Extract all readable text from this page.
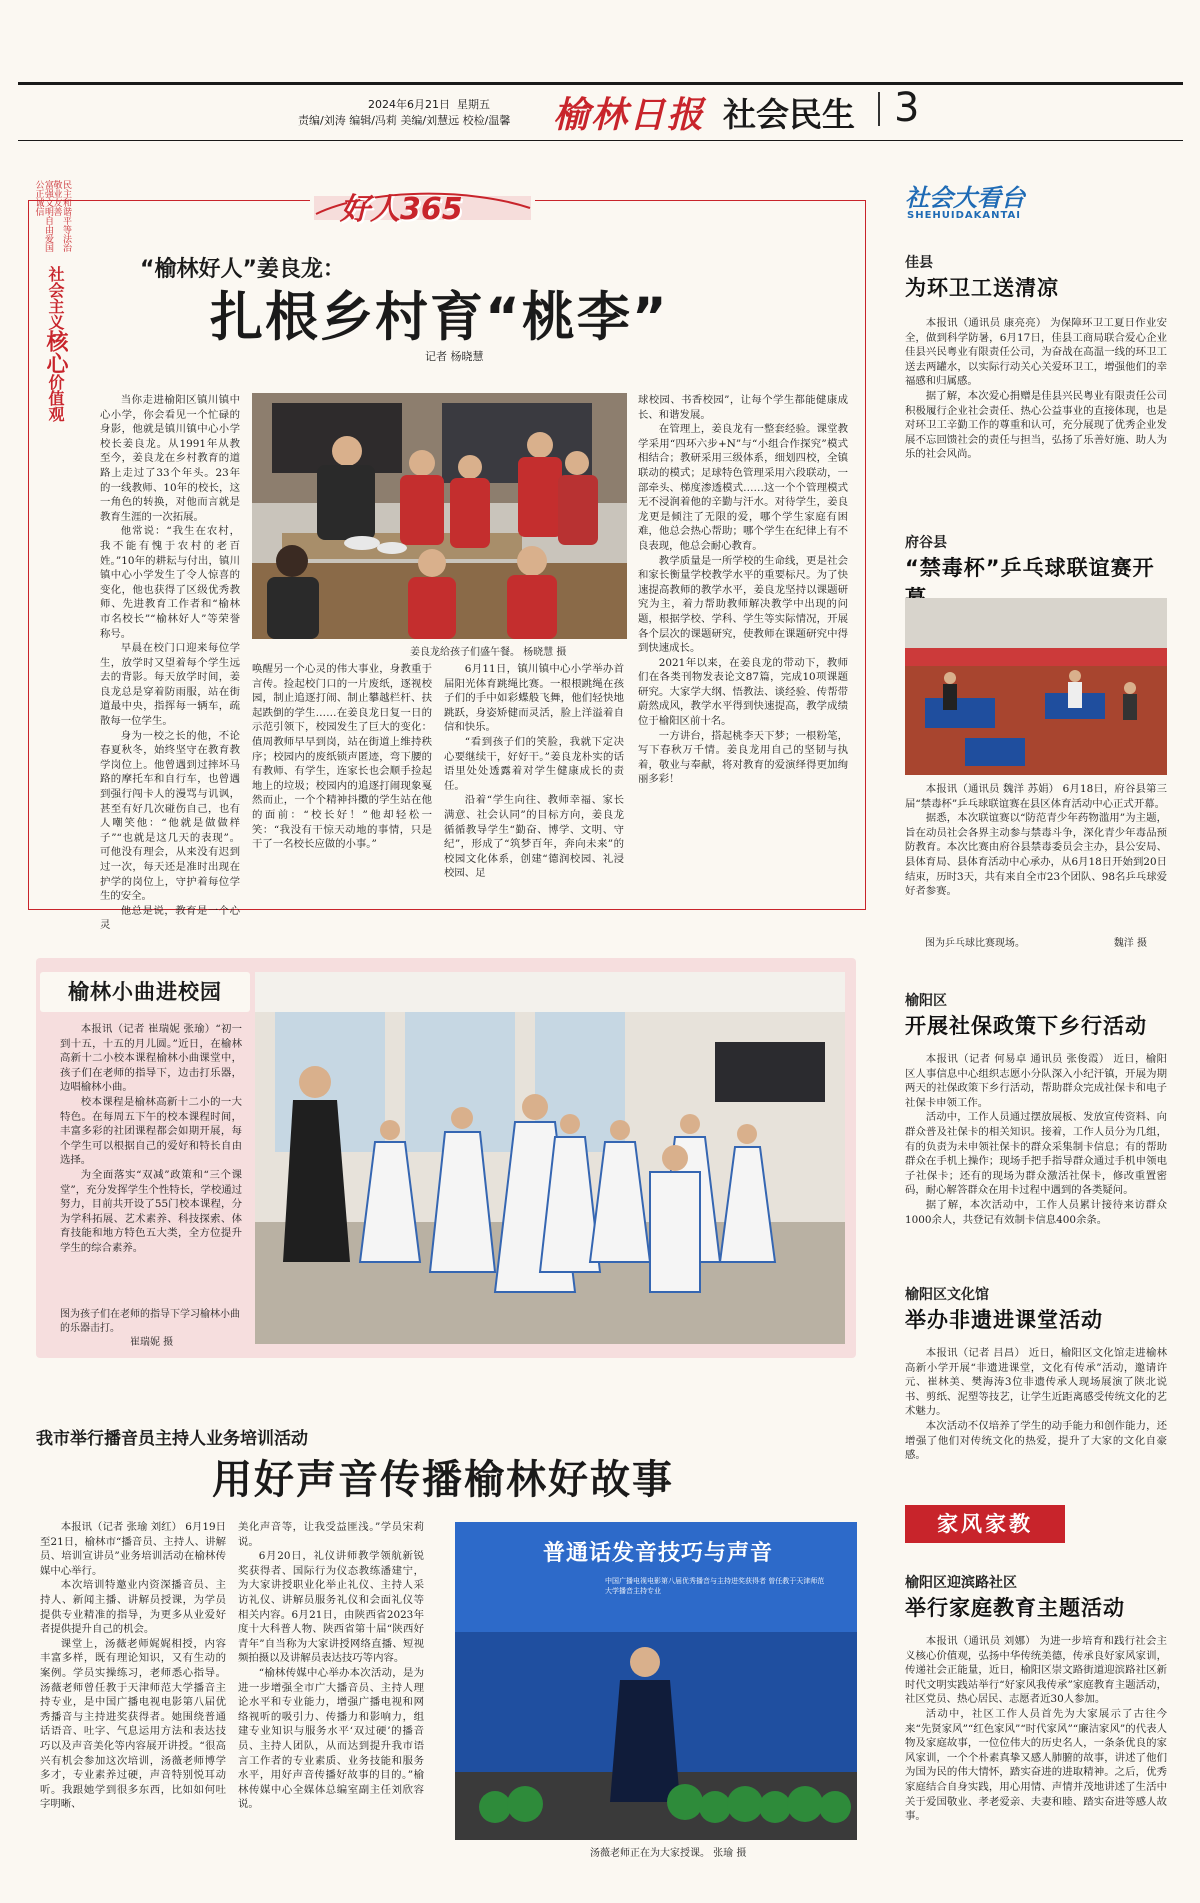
2024年6月21日 星期五
责编/刘涛 编辑/冯莉 美编/刘慧远 校检/温馨 榆林日报 社会民生 3
富强文明自由爱国公正诚信
民主和谐平等法治敬业友善
社会主义核心价值观
好人365
“榆林好人”姜良龙：
扎根乡村育“桃李”
记者 杨晓慧

当你走进榆阳区镇川镇中心小学，你会看见一个忙碌的身影，他就是镇川镇中心小学校长姜良龙。从1991年从教至今，姜良龙在乡村教育的道路上走过了33个年头。23年的一线教师、10年的校长，这一角色的转换，对他而言就是教育生涯的一次拓展。

他常说：“我生在农村，我不能有愧于农村的老百姓。”10年的耕耘与付出，镇川镇中心小学发生了令人惊喜的变化，他也获得了区级优秀教师、先进教育工作者和“榆林市名校长”“榆林好人”等荣誉称号。

早晨在校门口迎来每位学生，放学时又望着每个学生远去的背影。每天放学时间，姜良龙总是穿着防雨服，站在街道最中央，指挥每一辆车，疏散每一位学生。

身为一校之长的他，不论春夏秋冬，始终坚守在教育教学岗位上。他曾遇到过摔坏马路的摩托车和自行车，也曾遇到强行闯卡人的漫骂与讥讽，甚至有好几次碰伤自己，也有人嘲笑他：“他就是做做样子”“也就是这几天的表现”。可他没有理会，从来没有迟到过一次，每天还是准时出现在护学的岗位上，守护着每位学生的安全。

他总是说，教育是一个心灵

姜良龙给孩子们盛午餐。 杨晓慧 摄

唤醒另一个心灵的伟大事业，身教重于言传。捡起校门口的一片废纸，逐视校园，制止追逐打闹、制止攀越栏杆、扶起跌倒的学生……在姜良龙日复一日的示范引领下，校园发生了巨大的变化：值周教师早早到岗，站在街道上维持秩序；校园内的废纸锁声匿迹，弯下腰的有教师、有学生，连家长也会顺手捡起地上的垃圾；校园内的追逐打闹现象戛然而止，一个个精神抖擞的学生站在他的面前：“校长好！”他却轻松一笑：“我没有干惊天动地的事情，只是干了一名校长应做的小事。”

6月11日，镇川镇中心小学举办首届阳光体育跳绳比赛。一根根跳绳在孩子们的手中如彩蝶般飞舞，他们轻快地跳跃，身姿矫健而灵活，脸上洋溢着自信和快乐。

“看到孩子们的笑脸，我就下定决心要继续干，好好干。”姜良龙朴实的话语里处处透露着对学生健康成长的责任。

沿着“学生向往、教师幸福、家长满意、社会认同”的目标方向，姜良龙循循教导学生“勤奋、博学、文明、守纪”，形成了“筑梦百年，奔向未来”的校园文化体系，创建“德润校园、礼浸校园、足

球校园、书香校园”，让每个学生都能健康成长、和谐发展。

在管理上，姜良龙有一整套经验。课堂教学采用“四环六步+N”与“小组合作探究”模式相结合；教研采用三级体系，细划四校，全镇联动的模式；足球特色管理采用六段联动，一部牵头、梯度渗透模式……这一个个管理模式无不浸润着他的辛勤与汗水。对待学生，姜良龙更是倾注了无限的爱，哪个学生家庭有困难，他总会热心帮助；哪个学生在纪律上有不良表现，他总会耐心教育。

教学质量是一所学校的生命线，更是社会和家长衡量学校教学水平的重要标尺。为了快速提高教师的教学水平，姜良龙坚持以课题研究为主，着力帮助教师解决教学中出现的问题，根据学校、学科、学生等实际情况，开展各个层次的课题研究，使教师在课题研究中得到快速成长。

2021年以来，在姜良龙的带动下，教师们在各类刊物发表论文87篇，完成10项课题研究。大家学大纲、悟教法、谈经验、传帮带蔚然成风，教学水平得到快速提高，教学成绩位于榆阳区前十名。

一方讲台，搭起桃李天下梦；一根粉笔，写下春秋万千情。姜良龙用自己的坚韧与执着，敬业与奉献，将对教育的爱演绎得更加绚丽多彩！

社会大看台
SHEHUIDAKANTAI
佳县
为环卫工送清凉

本报讯（通讯员 康亮亮） 为保障环卫工夏日作业安全，做到科学防暑，6月17日，佳县工商局联合爱心企业佳县兴民粤业有限责任公司，为奋战在高温一线的环卫工送去两罐水，以实际行动关心关爱环卫工，增强他们的幸福感和归属感。

据了解，本次爱心捐赠是佳县兴民粤业有限责任公司积极履行企业社会责任、热心公益事业的直接体现，也是对环卫工辛勤工作的尊重和认可，充分展现了优秀企业发展不忘回馈社会的责任与担当，弘扬了乐善好施、助人为乐的社会风尚。

府谷县
“禁毒杯”乒乓球联谊赛开

本报讯（通讯员 魏洋 苏娟） 6月18日，府谷县第三届“禁毒杯”乒乓球联谊赛在县区体育活动中心正式开幕。

据悉，本次联谊赛以“防范青少年药物滥用”为主题，旨在动员社会各界主动参与禁毒斗争，深化青少年毒品预防教育。本次比赛由府谷县禁毒委员会主办，县公安局、县体育局、县体育活动中心承办，从6月18日开始到20日结束，历时3天，共有来自全市23个团队、98名乒乓球爱好者参赛。

图为乒乓球比赛现场。	魏洋 摄
榆阳区
开展社保政策下乡行活动

本报讯（记者 何易卓 通讯员 张俊霞） 近日，榆阳区人事信息中心组织志愿小分队深入小纪汗镇，开展为期两天的社保政策下乡行活动，帮助群众完成社保卡和电子社保卡申领工作。

活动中，工作人员通过摆放展板、发放宣传资料、向群众普及社保卡的相关知识。接着，工作人员分为几组，有的负责为未申领社保卡的群众采集制卡信息；有的帮助群众在手机上操作；现场手把手指导群众通过手机申领电子社保卡；还有的现场为群众激活社保卡，修改重置密码，耐心解答群众在用卡过程中遇到的各类疑问。

据了解，本次活动中，工作人员累计接待来访群众1000余人，共登记有效制卡信息400余条。

榆阳区文化馆
举办非遗进课堂活动

本报讯（记者 吕昌） 近日，榆阳区文化馆走进榆林高新小学开展“非遗进课堂，文化有传承”活动，邀请许元、崔林美、樊海涛3位非遗传承人现场展演了陕北说书、剪纸、泥塑等技艺，让学生近距离感受传统文化的艺术魅力。

本次活动不仅培养了学生的动手能力和创作能力，还增强了他们对传统文化的热爱，提升了大家的文化自豪感。

家风家教
榆阳区迎滨路社区
举行家庭教育主题活动

本报讯（通讯员 刘娜） 为进一步培育和践行社会主义核心价值观，弘扬中华传统美德，传承良好家风家训，传递社会正能量，近日，榆阳区崇文路街道迎滨路社区新时代文明实践站举行“好家风我传承”家庭教育主题活动，社区党员、热心居民、志愿者近30人参加。

活动中，社区工作人员首先为大家展示了古往今来“先贤家风”“红色家风”“时代家风”“廉洁家风”的代表人物及家庭故事，一位位伟大的历史名人，一条条优良的家风家训，一个个朴素真挚又感人肺腑的故事，讲述了他们为国为民的伟大情怀，踏实奋进的进取精神。之后，优秀家庭结合自身实践，用心用情、声情并茂地讲述了生活中关于爱国敬业、孝老爱亲、夫妻和睦、踏实奋进等感人故事。

榆林小曲进校园

本报讯（记者 崔瑞妮 张瑜）“初一到十五，十五的月儿圆。”近日，在榆林高新十二小校本课程榆林小曲课堂中，孩子们在老师的指导下，边击打乐器，边唱榆林小曲。

校本课程是榆林高新十二小的一大特色。在每周五下午的校本课程时间，丰富多彩的社团课程都会如期开展，每个学生可以根据自己的爱好和特长自由选择。

为全面落实“双减”政策和“三个课堂”，充分发挥学生个性特长，学校通过努力，目前共开设了55门校本课程，分为学科拓展、艺术素养、科技探索、体育技能和地方特色五大类，全方位提升学生的综合素养。

图为孩子们在老师的指导下学习榆林小曲的乐器击打。
崔瑞妮 摄
我市举行播音员主持人业务培训活动
用好声音传播榆林好故事

本报讯（记者 张瑜 刘红） 6月19日至21日，榆林市“播音员、主持人、讲解员、培训宣讲员”业务培训活动在榆林传媒中心举行。

本次培训特邀业内资深播音员、主持人、新闻主播、讲解员授课，为学员提供专业精准的指导，为更多从业爱好者提供提升自己的机会。

课堂上，汤薇老师娓娓相授，内容丰富多样，既有理论知识，又有生动的案例。学员实操练习，老师悉心指导。汤薇老师曾任教于天津师范大学播音主持专业，是中国广播电视电影第八届优秀播音与主持进奖获得者。她围绕普通话语音、吐字、气息运用方法和表达技巧以及声音美化等内容展开讲授。“很高兴有机会参加这次培训，汤薇老师博学多才，专业素养过硬，声音特别悦耳动听。我跟她学到很多东西，比如如何吐字明晰、

美化声音等，让我受益匪浅。”学员宋莉说。

6月20日，礼仪讲师教学领航新锐奖获得者、国际行为仪态教练潘建宁，为大家讲授职业化举止礼仪、主持人采访礼仪、讲解员服务礼仪和会面礼仪等相关内容。6月21日，由陕西省2023年度十大科普人物、陕西省第十届“陕西好青年”自当称为大家讲授网络直播、短视频拍摄以及讲解员表达技巧等内容。

“榆林传媒中心举办本次活动，是为进一步增强全市广大播音员、主持人理论水平和专业能力，增强广播电视和网络视听的吸引力、传播力和影响力，组建专业知识与服务水平‘双过硬’的播音员、主持人团队，从而达到提升我市语言工作者的专业素质、业务技能和服务水平，用好声音传播好故事的目的。”榆林传媒中心全媒体总编室副主任刘欣容说。

普通话发音技巧与声音
中国广播电视电影第八届优秀播音与主持进奖获得者 曾任教于天津师范大学播音主持专业
汤薇老师正在为大家授课。 张瑜 摄
